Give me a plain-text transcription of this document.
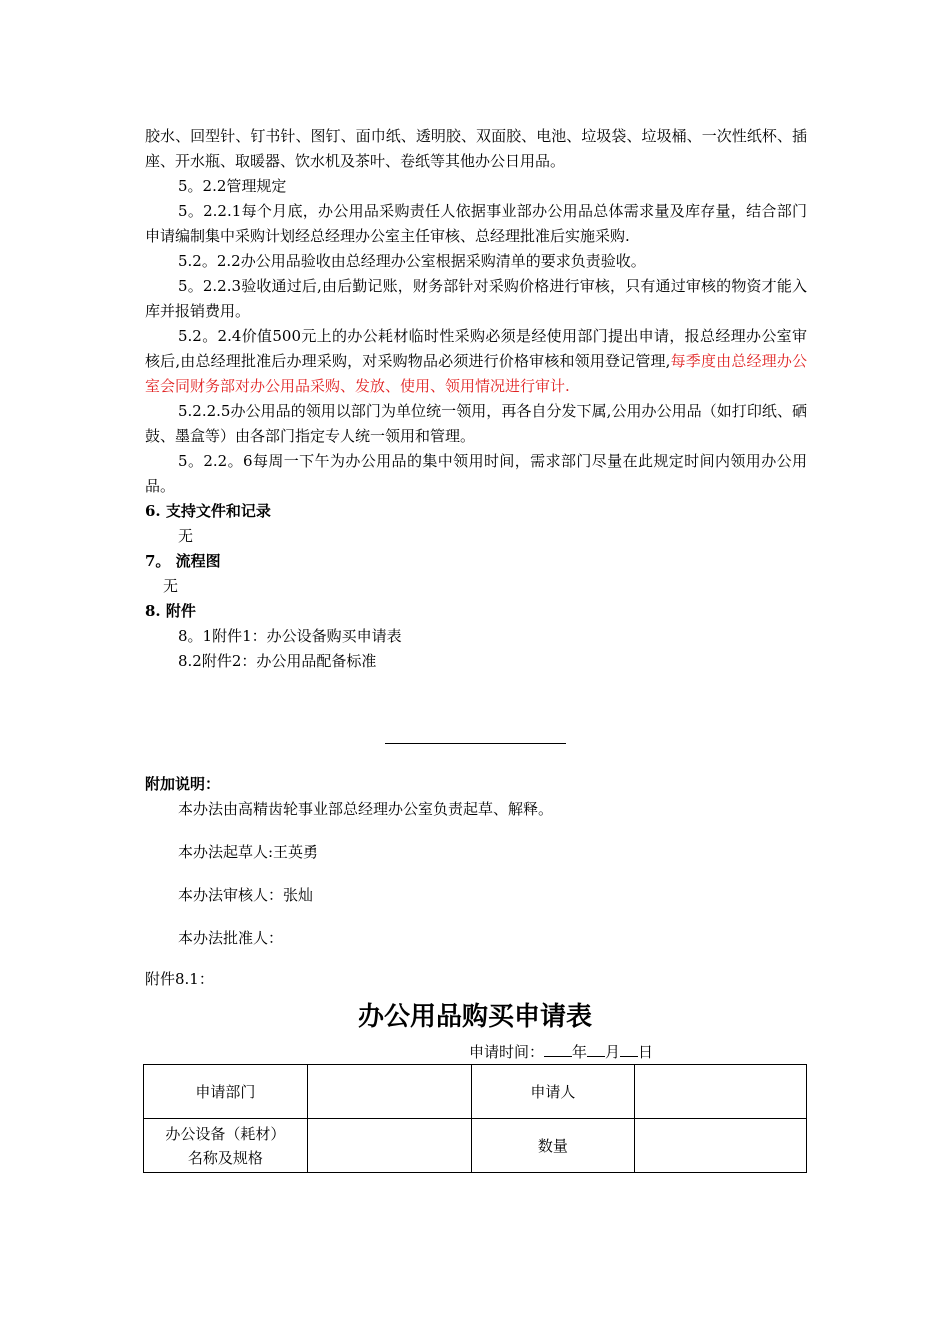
胶水、回型针、钉书针、图钉、面巾纸、透明胶、双面胶、电池、垃圾袋、垃圾桶、一次性纸杯、插座、开水瓶、取暖器、饮水机及茶叶、卷纸等其他办公日用品。

5。2.2管理规定

5。2.2.1每个月底，办公用品采购责任人依据事业部办公用品总体需求量及库存量，结合部门申请编制集中采购计划经总经理办公室主任审核、总经理批准后实施采购.

5.2。2.2办公用品验收由总经理办公室根据采购清单的要求负责验收。

5。2.2.3验收通过后,由后勤记账，财务部针对采购价格进行审核，只有通过审核的物资才能入库并报销费用。

5.2。2.4价值500元上的办公耗材临时性采购必须是经使用部门提出申请，报总经理办公室审核后,由总经理批准后办理采购，对采购物品必须进行价格审核和领用登记管理,每季度由总经理办公室会同财务部对办公用品采购、发放、使用、领用情况进行审计.

5.2.2.5办公用品的领用以部门为单位统一领用，再各自分发下属,公用办公用品（如打印纸、硒鼓、墨盒等）由各部门指定专人统一领用和管理。

5。2.2。6每周一下午为办公用品的集中领用时间，需求部门尽量在此规定时间内领用办公用品。

6. 支持文件和记录

无

7。 流程图

无

8. 附件

8。1附件1：办公设备购买申请表

8.2附件2：办公用品配备标准

附加说明：
本办法由高精齿轮事业部总经理办公室负责起草、解释。
本办法起草人:王英勇
本办法审核人：张灿
本办法批准人：
附件8.1：
办公用品购买申请表
申请时间： 年 月 日
申请部门		申请人	

办公设备（耗材）
名称及规格		数量	
